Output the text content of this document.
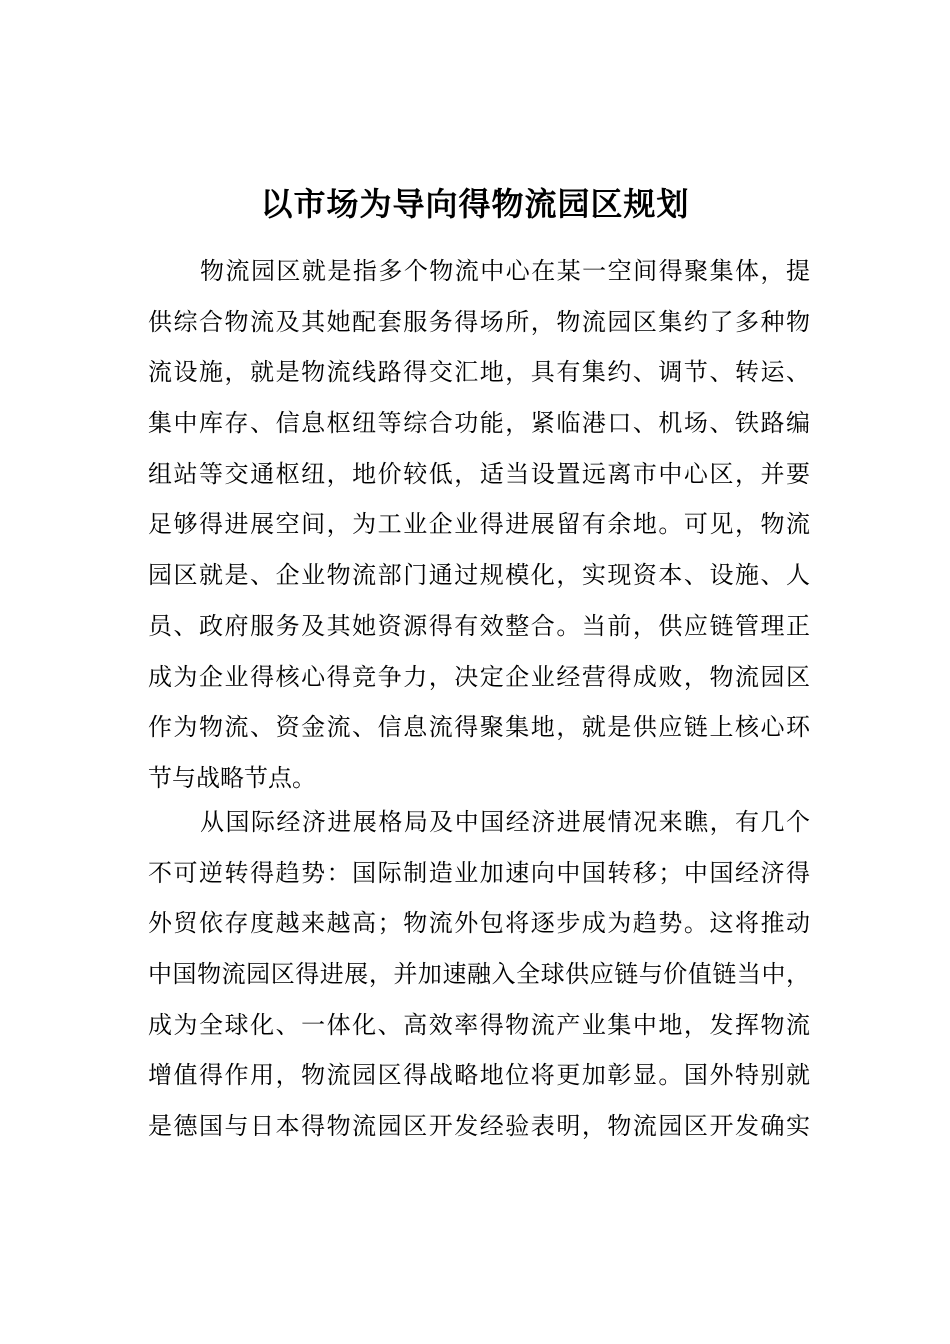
以市场为导向得物流园区规划
物流园区就是指多个物流中心在某一空间得聚集体，提
供综合物流及其她配套服务得场所，物流园区集约了多种物
流设施，就是物流线路得交汇地，具有集约、调节、转运、
集中库存、信息枢纽等综合功能，紧临港口、机场、铁路编
组站等交通枢纽，地价较低，适当设置远离市中心区，并要
足够得进展空间，为工业企业得进展留有余地。可见，物流
园区就是、企业物流部门通过规模化，实现资本、设施、人
员、政府服务及其她资源得有效整合。当前，供应链管理正
成为企业得核心得竞争力，决定企业经营得成败，物流园区
作为物流、资金流、信息流得聚集地，就是供应链上核心环
节与战略节点。
从国际经济进展格局及中国经济进展情况来瞧，有几个
不可逆转得趋势：国际制造业加速向中国转移；中国经济得
外贸依存度越来越高；物流外包将逐步成为趋势。这将推动
中国物流园区得进展，并加速融入全球供应链与价值链当中，
成为全球化、一体化、高效率得物流产业集中地，发挥物流
增值得作用，物流园区得战略地位将更加彰显。国外特别就
是德国与日本得物流园区开发经验表明，物流园区开发确实
